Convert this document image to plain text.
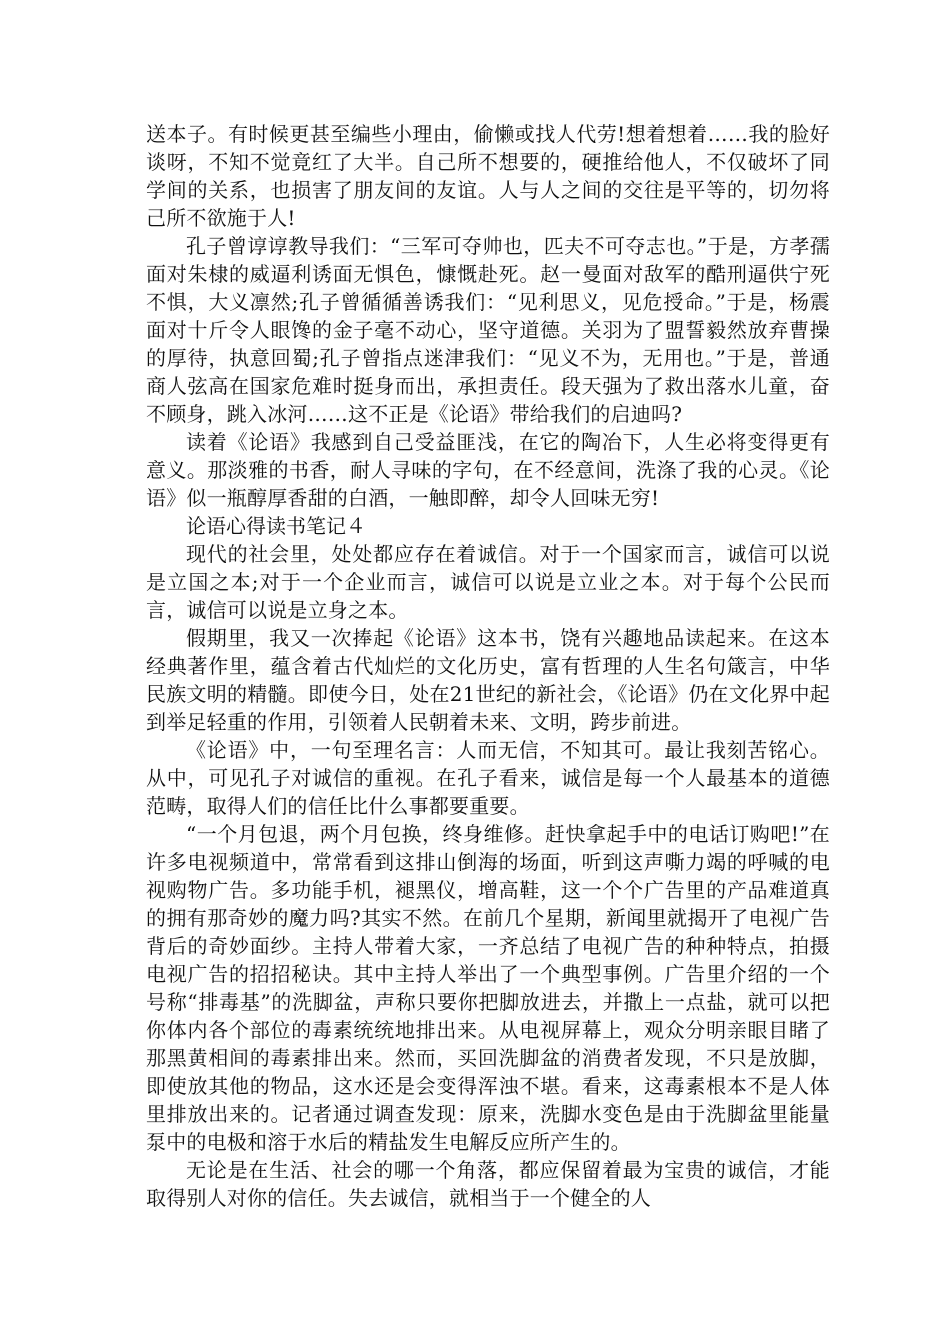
送本子。有时候更甚至编些小理由，偷懒或找人代劳!想着想着……我的脸好谈呀，不知不觉竟红了大半。自己所不想要的，硬推给他人，不仅破坏了同学间的关系，也损害了朋友间的友谊。人与人之间的交往是平等的，切勿将己所不欲施于人!

孔子曾谆谆教导我们：“三军可夺帅也，匹夫不可夺志也。”于是，方孝孺面对朱棣的威逼利诱面无惧色，慷慨赴死。赵一曼面对敌军的酷刑逼供宁死不惧，大义凛然;孔子曾循循善诱我们：“见利思义，见危授命。”于是，杨震面对十斤令人眼馋的金子毫不动心，坚守道德。关羽为了盟誓毅然放弃曹操的厚待，执意回蜀;孔子曾指点迷津我们：“见义不为，无用也。”于是，普通商人弦高在国家危难时挺身而出，承担责任。段天强为了救出落水儿童，奋不顾身，跳入冰河……这不正是《论语》带给我们的启迪吗?

读着《论语》我感到自己受益匪浅，在它的陶冶下，人生必将变得更有意义。那淡雅的书香，耐人寻味的字句，在不经意间，洗涤了我的心灵。《论语》似一瓶醇厚香甜的白酒，一触即醉，却令人回味无穷!

论语心得读书笔记４

现代的社会里，处处都应存在着诚信。对于一个国家而言，诚信可以说是立国之本;对于一个企业而言，诚信可以说是立业之本。对于每个公民而言，诚信可以说是立身之本。

假期里，我又一次捧起《论语》这本书，饶有兴趣地品读起来。在这本经典著作里，蕴含着古代灿烂的文化历史，富有哲理的人生名句箴言，中华民族文明的精髓。即使今日，处在21世纪的新社会，《论语》仍在文化界中起到举足轻重的作用，引领着人民朝着未来、文明，跨步前进。

《论语》中，一句至理名言：人而无信，不知其可。最让我刻苦铭心。从中，可见孔子对诚信的重视。在孔子看来，诚信是每一个人最基本的道德范畴，取得人们的信任比什么事都要重要。

“一个月包退，两个月包换，终身维修。赶快拿起手中的电话订购吧!”在许多电视频道中，常常看到这排山倒海的场面，听到这声嘶力竭的呼喊的电视购物广告。多功能手机，褪黑仪，增高鞋，这一个个广告里的产品难道真的拥有那奇妙的魔力吗?其实不然。在前几个星期，新闻里就揭开了电视广告背后的奇妙面纱。主持人带着大家，一齐总结了电视广告的种种特点，拍摄电视广告的招招秘诀。其中主持人举出了一个典型事例。广告里介绍的一个号称“排毒基”的洗脚盆，声称只要你把脚放进去，并撒上一点盐，就可以把你体内各个部位的毒素统统地排出来。从电视屏幕上，观众分明亲眼目睹了那黑黄相间的毒素排出来。然而，买回洗脚盆的消费者发现，不只是放脚，即使放其他的物品，这水还是会变得浑浊不堪。看来，这毒素根本不是人体里排放出来的。记者通过调查发现：原来，洗脚水变色是由于洗脚盆里能量泵中的电极和溶于水后的精盐发生电解反应所产生的。

无论是在生活、社会的哪一个角落，都应保留着最为宝贵的诚信，才能取得别人对你的信任。失去诚信，就相当于一个健全的人
